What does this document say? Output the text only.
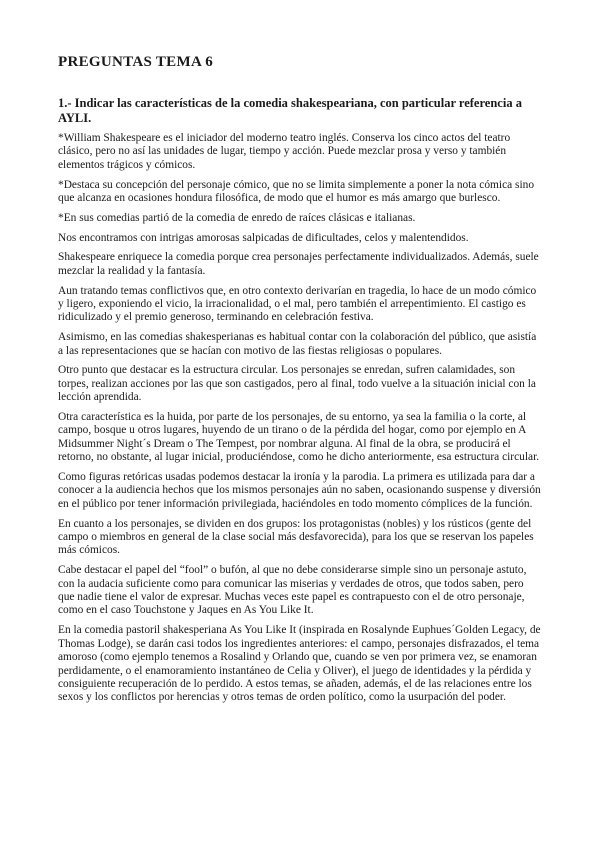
PREGUNTAS TEMA 6
1.- Indicar las características de la comedia shakespeariana, con particular referencia a AYLI.

*William Shakespeare es el iniciador del moderno teatro inglés. Conserva los cinco actos del teatro clásico, pero no así las unidades de lugar, tiempo y acción. Puede mezclar prosa y verso y también elementos trágicos y cómicos.

*Destaca su concepción del personaje cómico, que no se limita simplemente a poner la nota cómica sino que alcanza en ocasiones hondura filosófica, de modo que el humor es más amargo que burlesco.

*En sus comedias partió de la comedia de enredo de raíces clásicas e italianas.

Nos encontramos con intrigas amorosas salpicadas de dificultades, celos y malentendidos.

Shakespeare enriquece la comedia porque crea personajes perfectamente individualizados. Además, suele mezclar la realidad y la fantasía.

Aun tratando temas conflictivos que, en otro contexto derivarían en tragedia, lo hace de un modo cómico y ligero, exponiendo el vicio, la irracionalidad, o el mal, pero también el arrepentimiento. El castigo es ridiculizado y el premio generoso, terminando en celebración festiva.

Asimismo, en las comedias shakesperianas es habitual contar con la colaboración del público, que asistía a las representaciones que se hacían con motivo de las fiestas religiosas o populares.

Otro punto que destacar es la estructura circular. Los personajes se enredan, sufren calamidades, son torpes, realizan acciones por las que son castigados, pero al final, todo vuelve a la situación inicial con la lección aprendida.

Otra característica es la huida, por parte de los personajes, de su entorno, ya sea la familia o la corte, al campo, bosque u otros lugares, huyendo de un tirano o de la pérdida del hogar, como por ejemplo en A Midsummer Night´s Dream o The Tempest, por nombrar alguna. Al final de la obra, se producirá el retorno, no obstante, al lugar inicial, produciéndose, como he dicho anteriormente, esa estructura circular.

Como figuras retóricas usadas podemos destacar la ironía y la parodia. La primera es utilizada para dar a conocer a la audiencia hechos que los mismos personajes aún no saben, ocasionando suspense y diversión en el público por tener información privilegiada, haciéndoles en todo momento cómplices de la función.

En cuanto a los personajes, se dividen en dos grupos: los protagonistas (nobles) y los rústicos (gente del campo o miembros en general de la clase social más desfavorecida), para los que se reservan los papeles más cómicos.

Cabe destacar el papel del “fool” o bufón, al que no debe considerarse simple sino un personaje astuto, con la audacia suficiente como para comunicar las miserias y verdades de otros, que todos saben, pero que nadie tiene el valor de expresar. Muchas veces este papel es contrapuesto con el de otro personaje, como en el caso Touchstone y Jaques en As You Like It.

En la comedia pastoril shakesperiana As You Like It (inspirada en Rosalynde Euphues´Golden Legacy, de Thomas Lodge), se darán casi todos los ingredientes anteriores: el campo, personajes disfrazados, el tema amoroso (como ejemplo tenemos a Rosalind y Orlando que, cuando se ven por primera vez, se enamoran perdidamente, o el enamoramiento instantáneo de Celia y Oliver), el juego de identidades y la pérdida y consiguiente recuperación de lo perdido. A estos temas, se añaden, además, el de las relaciones entre los sexos y los conflictos por herencias y otros temas de orden político, como la usurpación del poder.
